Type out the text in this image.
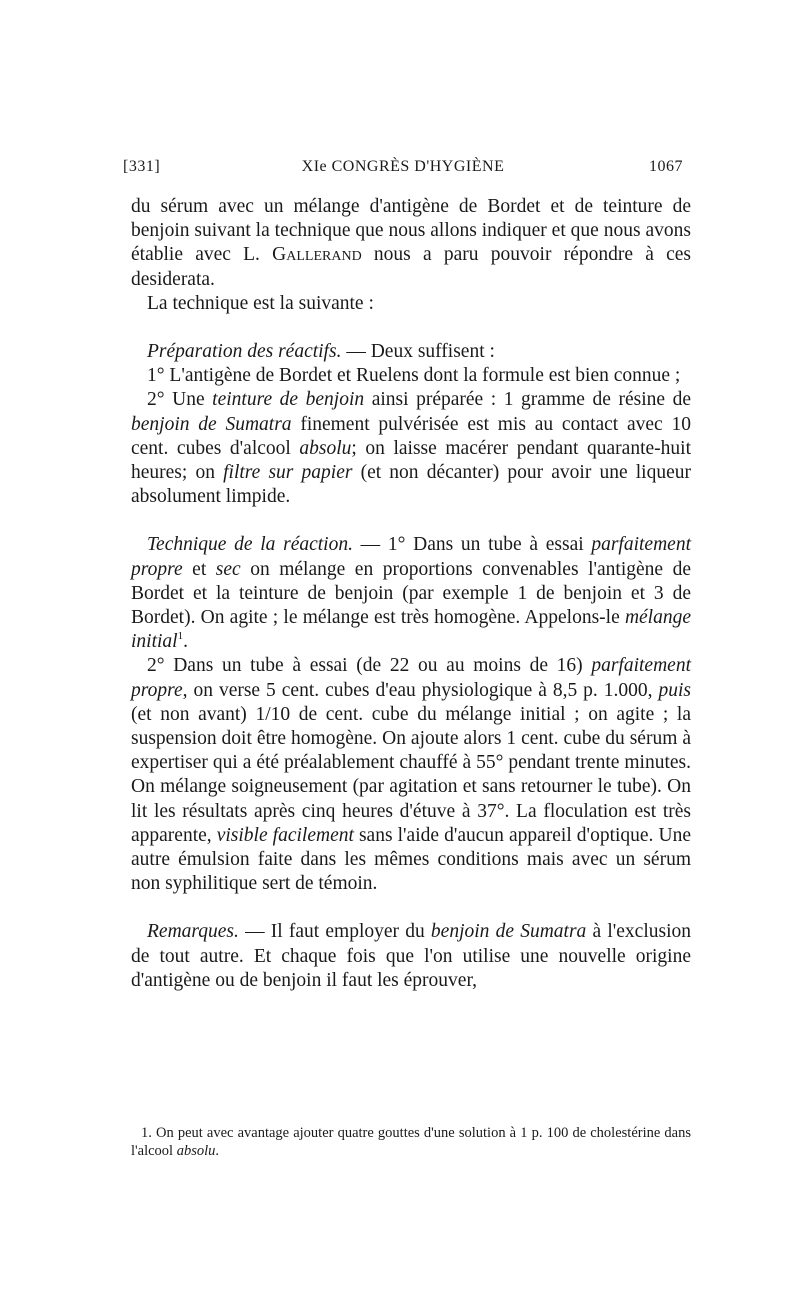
[331]	XIe CONGRÈS D'HYGIÈNE	1067

du sérum avec un mélange d'antigène de Bordet et de teinture de benjoin suivant la technique que nous allons indiquer et que nous avons établie avec L. Gallerand nous a paru pouvoir répondre à ces desiderata.

La technique est la suivante :

Préparation des réactifs. — Deux suffisent :

1° L'antigène de Bordet et Ruelens dont la formule est bien connue ;

2° Une teinture de benjoin ainsi préparée : 1 gramme de résine de benjoin de Sumatra finement pulvérisée est mis au contact avec 10 cent. cubes d'alcool absolu; on laisse macérer pendant quarante-huit heures; on filtre sur papier (et non décanter) pour avoir une liqueur absolument limpide.

Technique de la réaction. — 1° Dans un tube à essai parfaitement propre et sec on mélange en proportions convenables l'antigène de Bordet et la teinture de benjoin (par exemple 1 de benjoin et 3 de Bordet). On agite ; le mélange est très homogène. Appelons-le mélange initial$^1$.

2° Dans un tube à essai (de 22 ou au moins de 16) parfaitement propre, on verse 5 cent. cubes d'eau physiologique à 8,5 p. 1.000, puis (et non avant) 1/10 de cent. cube du mélange initial ; on agite ; la suspension doit être homogène. On ajoute alors 1 cent. cube du sérum à expertiser qui a été préalablement chauffé à 55° pendant trente minutes. On mélange soigneusement (par agitation et sans retourner le tube). On lit les résultats après cinq heures d'étuve à 37°. La floculation est très apparente, visible facilement sans l'aide d'aucun appareil d'optique. Une autre émulsion faite dans les mêmes conditions mais avec un sérum non syphilitique sert de témoin.

Remarques. — Il faut employer du benjoin de Sumatra à l'exclusion de tout autre. Et chaque fois que l'on utilise une nouvelle origine d'antigène ou de benjoin il faut les éprouver,

1. On peut avec avantage ajouter quatre gouttes d'une solution à 1 p. 100 de cholestérine dans l'alcool absolu.
